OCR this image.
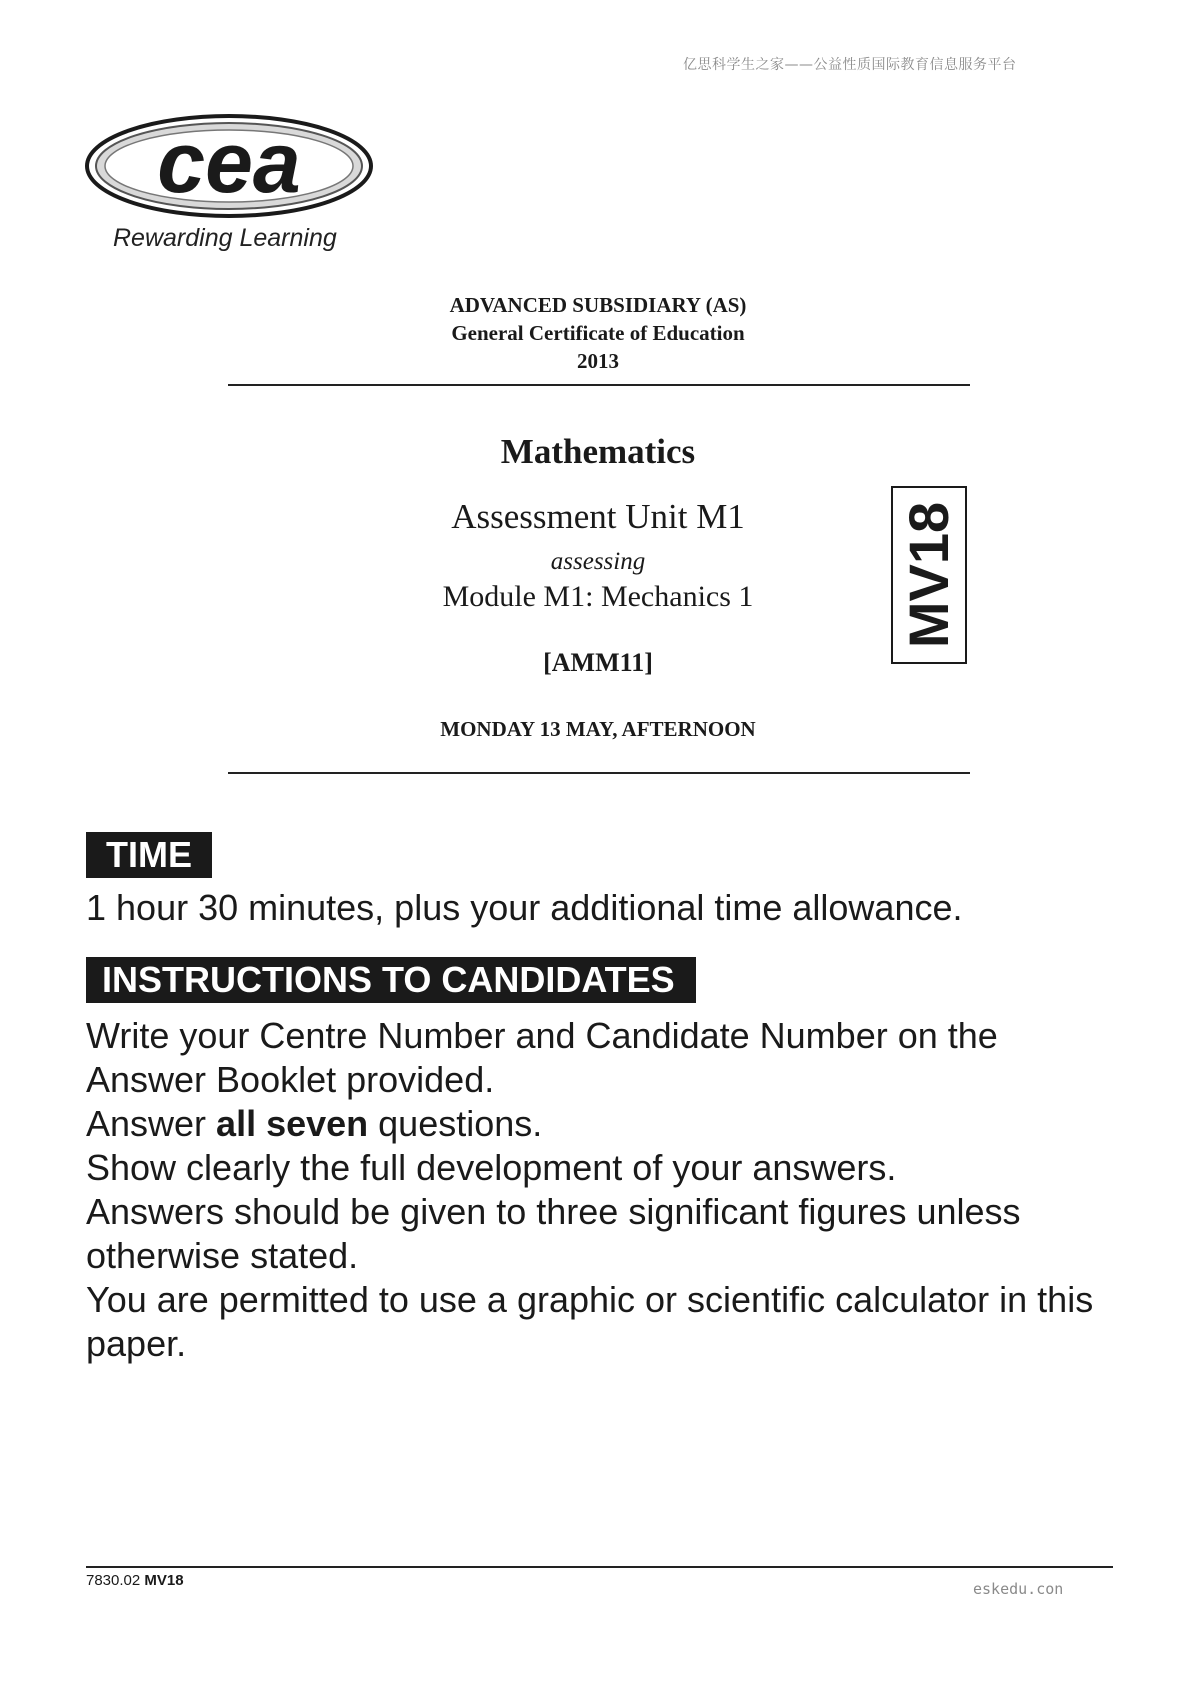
亿思科学生之家——公益性质国际教育信息服务平台
cea
Rewarding Learning
ADVANCED SUBSIDIARY (AS)
General Certificate of Education
2013
Mathematics
Assessment Unit M1
assessing
Module M1: Mechanics 1
[AMM11]
MONDAY 13 MAY, AFTERNOON
MV18
TIME
1 hour 30 minutes, plus your additional time allowance.
INSTRUCTIONS TO CANDIDATES
Write your Centre Number and Candidate Number on the
Answer Booklet provided.
Answer all seven questions.
Show clearly the full development of your answers.
Answers should be given to three significant figures unless
otherwise stated.
You are permitted to use a graphic or scientific calculator in this
paper.
7830.02 MV18	eskedu.con
